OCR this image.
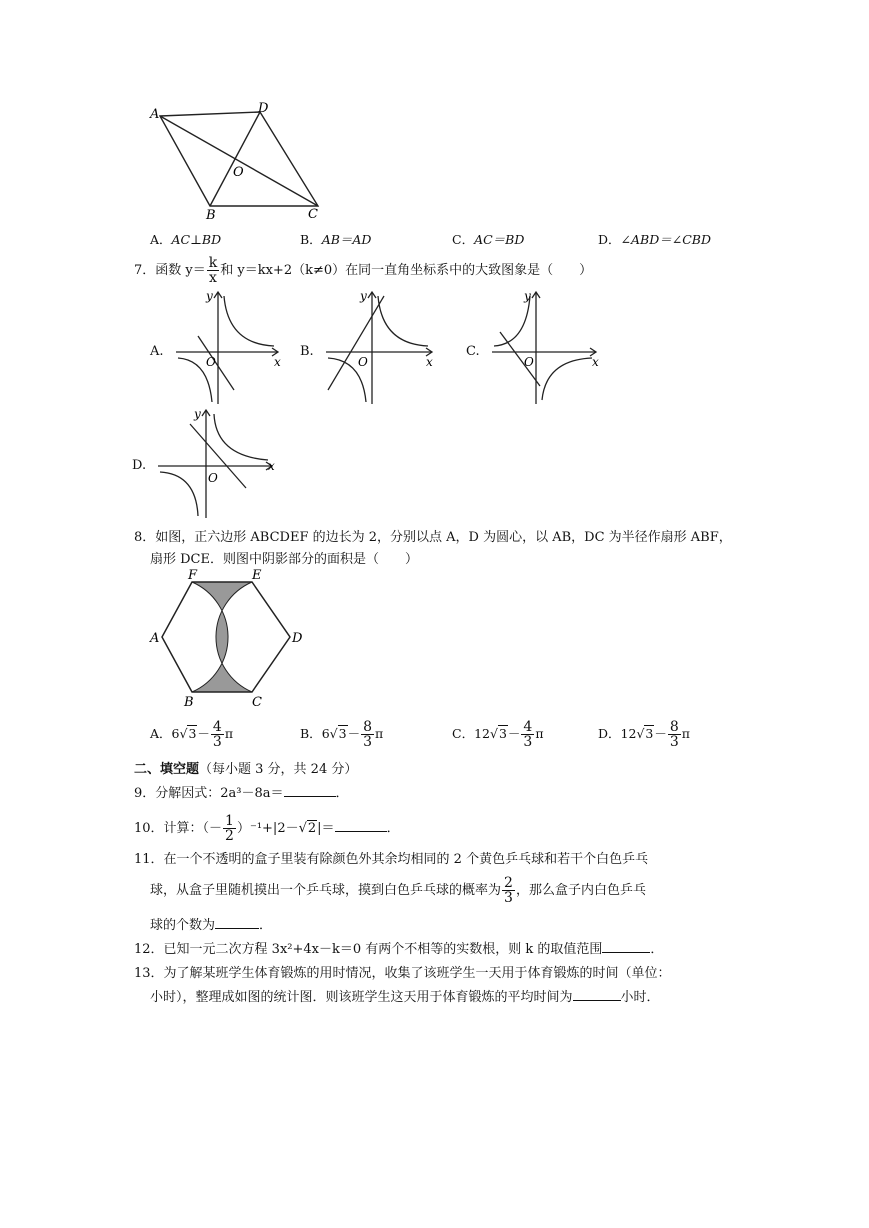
A	D
O
B	C
A．AC⊥BD	B．AB＝AD	C．AC＝BD	D．∠ABD＝∠CBD
7．函数 $y= \frac{k}{x}$ 和 y＝kx+2（k≠0）在同一直角坐标系中的大致图象是（　　）
A.
y
x
O
B.
y
x
O
C.
y
x
O
D.
y
x
O
8．如图，正六边形 ABCDEF 的边长为 2，分别以点 A，D 为圆心，以 AB，DC 为半径作扇形 ABF，
扇形 DCE．则图中阴影部分的面积是（　　）
F	E
A	D
B	C
A．$6√3- \frac{4}{3}$ π	B．$6√3- \frac{8}{3}$ π	C．$12√3- \frac{4}{3}$ π	D．$12√3- \frac{8}{3}$ π
二、填空题（每小题 3 分，共 24 分）
9．分解因式：2a³－8a＝	．
10．计算：（－ $\frac{1}{2} )^{-1}+|2-√2|=$	．
11．在一个不透明的盒子里装有除颜色外其余均相同的 2 个黄色乒乓球和若干个白色乒乓
球，从盒子里随机摸出一个乒乓球，摸到白色乒乓球的概率为 $\frac{2}{3}$ ，那么盒子内白色乒乓
球的个数为	．
12．已知一元二次方程 3x²+4x－k＝0 有两个不相等的实数根，则 k 的取值范围	．
13．为了解某班学生体育锻炼的用时情况，收集了该班学生一天用于体育锻炼的时间（单位：
小时），整理成如图的统计图．则该班学生这天用于体育锻炼的平均时间为	小时．
